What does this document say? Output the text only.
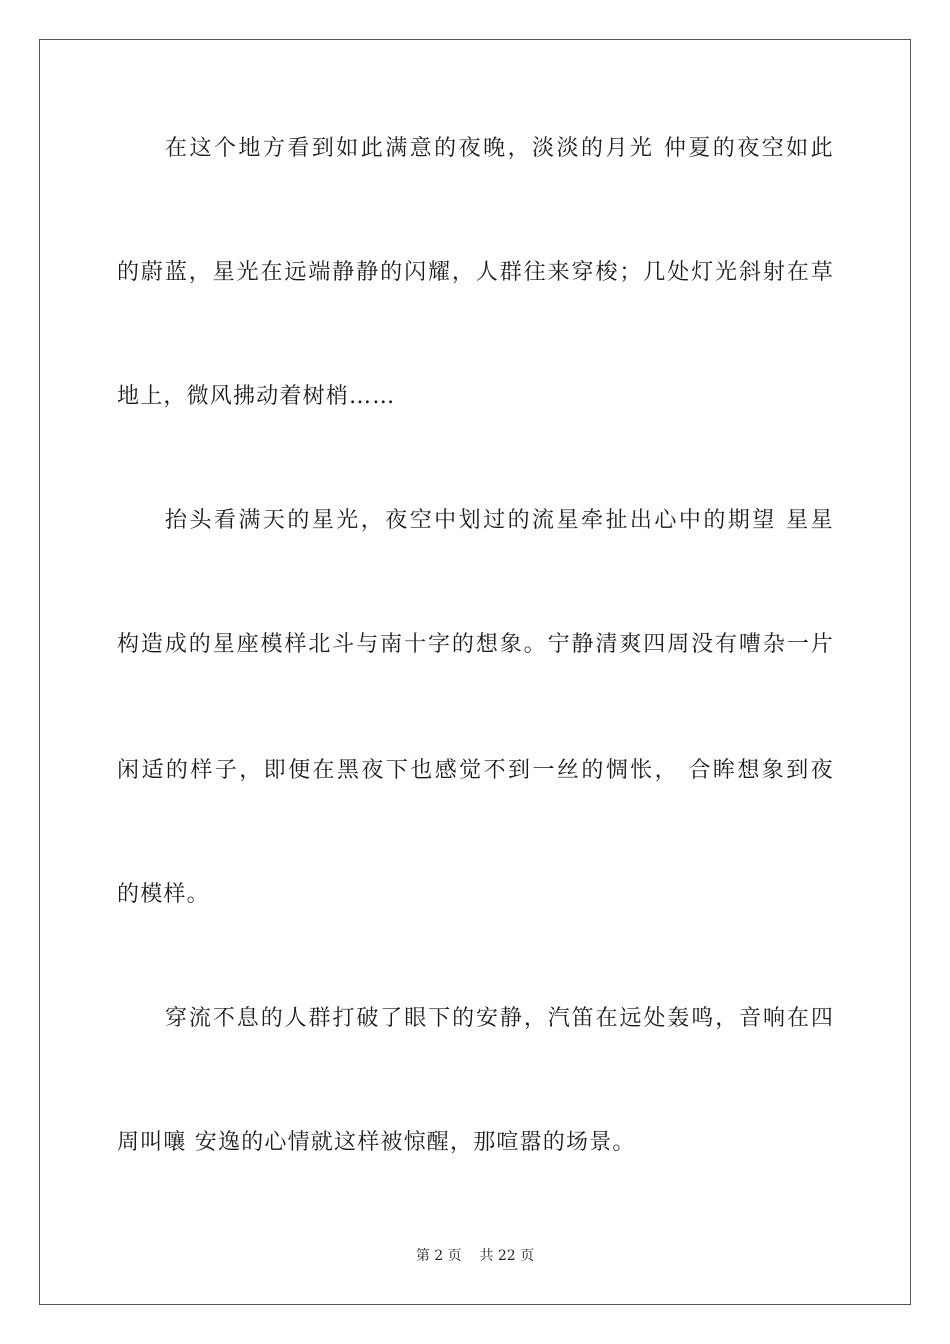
在 这 个 地 方 看 到 如 此 满 意 的 夜 晚 ， 淡 淡 的 月 光
仲 夏 的 夜 空 如 此
的 蔚 蓝 ， 星 光 在 远 端 静 静 的 闪 耀 ， 人 群 往 来 穿 梭 ； 几 处 灯 光 斜 射 在 草
地上，微风拂动着树梢……
抬 头 看 满 天 的 星 光 ， 夜 空 中 划 过 的 流 星 牵 扯 出 心 中 的 期 望
星 星
构 造 成 的 星 座 模 样 北 斗 与 南 十 字 的 想 象 。 宁 静 清 爽 四 周 没 有 嘈 杂 一 片
闲 适 的 样 子 ， 即 便 在 黑 夜 下 也 感 觉 不 到 一 丝 的 惆 怅 ，
合 眸 想 象 到 夜
的模样。
穿 流 不 息 的 人 群 打 破 了 眼 下 的 安 静 ， 汽 笛 在 远 处 轰 鸣 ， 音 响 在 四
周叫嚷 安逸的心情就这样被惊醒，那喧嚣的场景。
第 2 页 共 22 页
